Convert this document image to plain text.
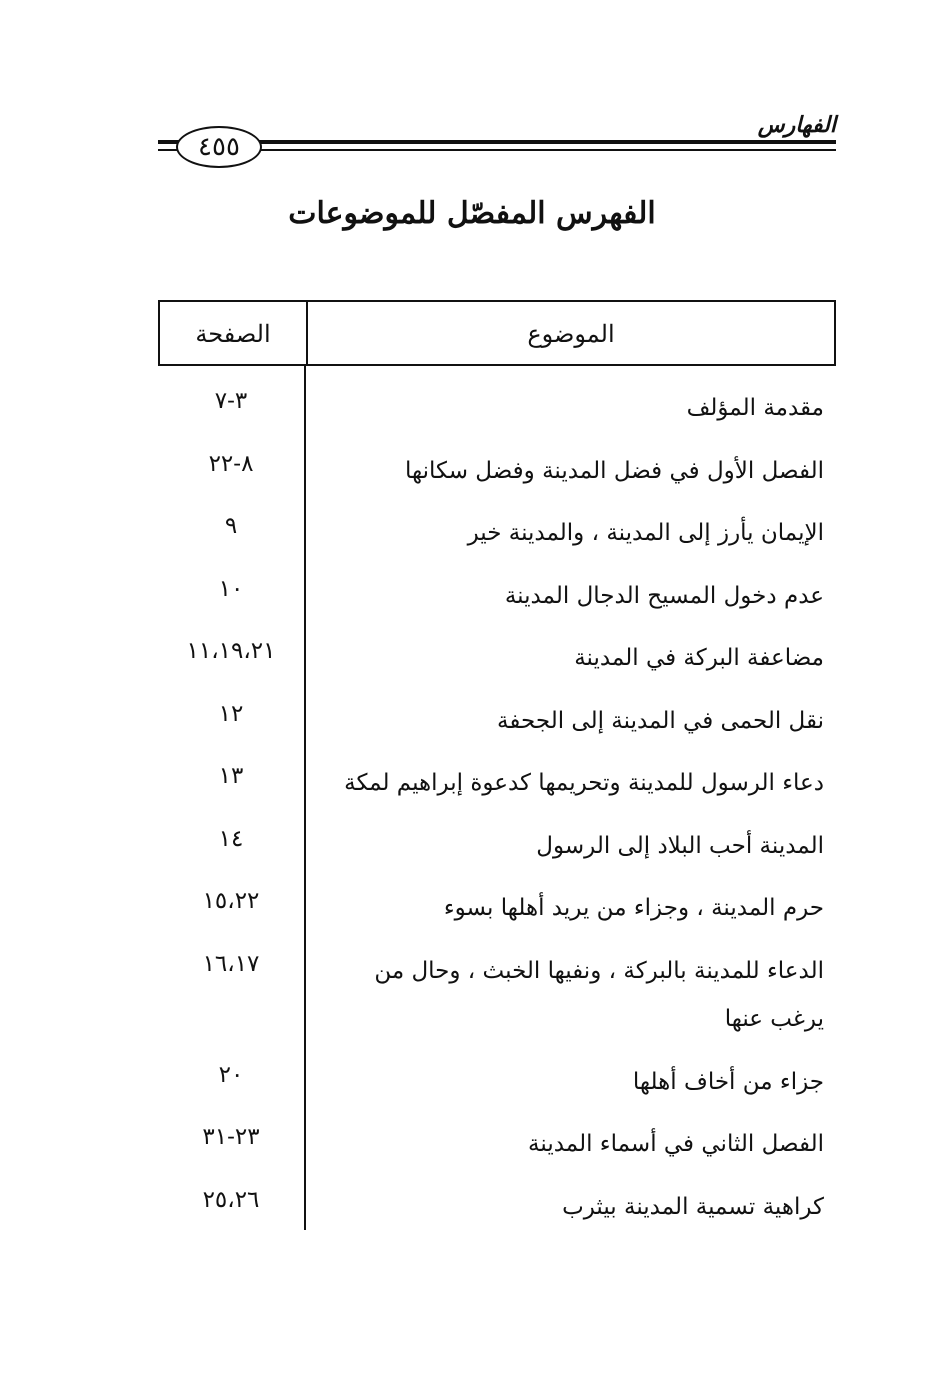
الفهارس
٤٥٥
الفهرس المفصّل للموضوعات
الموضوع
الصفحة
مقدمة المؤلف
٣-٧
الفصل الأول في فضل المدينة وفضل سكانها
٨-٢٢
الإيمان يأرز إلى المدينة ، والمدينة خير
٩
عدم دخول المسيح الدجال المدينة
١٠
مضاعفة البركة في المدينة
١١،١٩،٢١
نقل الحمى في المدينة إلى الجحفة
١٢
دعاء الرسول للمدينة وتحريمها كدعوة إبراهيم لمكة
١٣
المدينة أحب البلاد إلى الرسول
١٤
حرم المدينة ، وجزاء من يريد أهلها بسوء
١٥،٢٢
الدعاء للمدينة بالبركة ، ونفيها الخبث ، وحال من يرغب عنها
١٦،١٧
جزاء من أخاف أهلها
٢٠
الفصل الثاني في أسماء المدينة
٢٣-٣١
كراهية تسمية المدينة بيثرب
٢٥،٢٦
